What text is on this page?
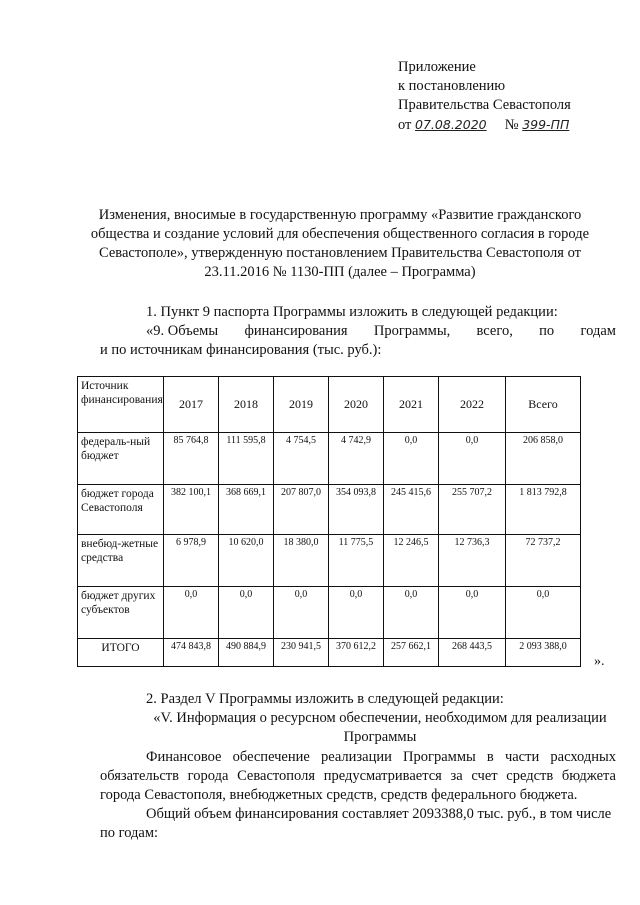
Приложение
к постановлению
Правительства Севастополя
от 07.08.2020 № 399-ПП
Изменения, вносимые в государственную программу «Развитие гражданского общества и создание условий для обеспечения общественного согласия в городе Севастополе», утвержденную постановлением Правительства Севастополя от 23.11.2016 № 1130-ПП (далее – Программа)
1. Пункт 9 паспорта Программы изложить в следующей редакции:
«9. Объемы финансирования Программы, всего, по годам
и по источникам финансирования (тыс. руб.):
Источник финансирования	2017	2018	2019	2020	2021	2022	Всего
федераль-ный бюджет	85 764,8	111 595,8	4 754,5	4 742,9	0,0	0,0	206 858,0
бюджет города Севастополя	382 100,1	368 669,1	207 807,0	354 093,8	245 415,6	255 707,2	1 813 792,8
внебюд-жетные средства	6 978,9	10 620,0	18 380,0	11 775,5	12 246,5	12 736,3	72 737,2
бюджет других субъектов	0,0	0,0	0,0	0,0	0,0	0,0	0,0
ИТОГО	474 843,8	490 884,9	230 941,5	370 612,2	257 662,1	268 443,5	2 093 388,0
».
2. Раздел V Программы изложить в следующей редакции:
«V. Информация о ресурсном обеспечении, необходимом для реализации Программы
Финансовое обеспечение реализации Программы в части расходных
обязательств города Севастополя предусматривается за счет средств бюджета
города Севастополя, внебюджетных средств, средств федерального бюджета.
Общий объем финансирования составляет 2093388,0 тыс. руб., в том числе
по годам:
